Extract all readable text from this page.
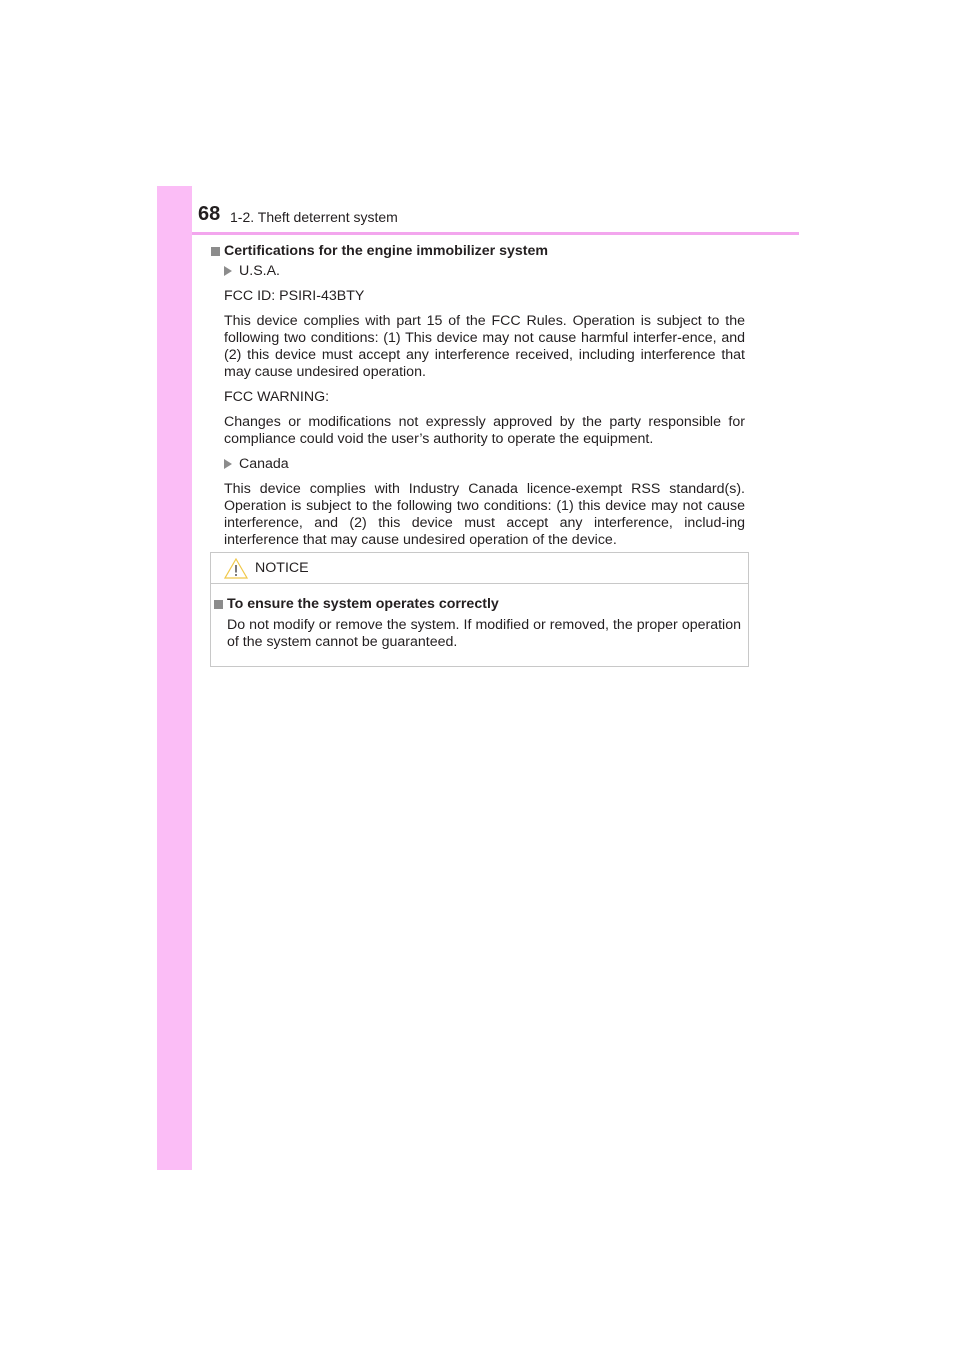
68 1-2. Theft deterrent system
Certifications for the engine immobilizer system
U.S.A.

FCC ID: PSIRI-43BTY

This device complies with part 15 of the FCC Rules. Operation is subject to the following two conditions: (1) This device may not cause harmful interfer-ence, and (2) this device must accept any interference received, including interference that may cause undesired operation.

FCC WARNING:

Changes or modifications not expressly approved by the party responsible for compliance could void the user’s authority to operate the equipment.

Canada

This device complies with Industry Canada licence-exempt RSS standard(s). Operation is subject to the following two conditions: (1) this device may not cause interference, and (2) this device must accept any interference, includ-ing interference that may cause undesired operation of the device.

NOTICE
To ensure the system operates correctly

Do not modify or remove the system. If modified or removed, the proper operation of the system cannot be guaranteed.
